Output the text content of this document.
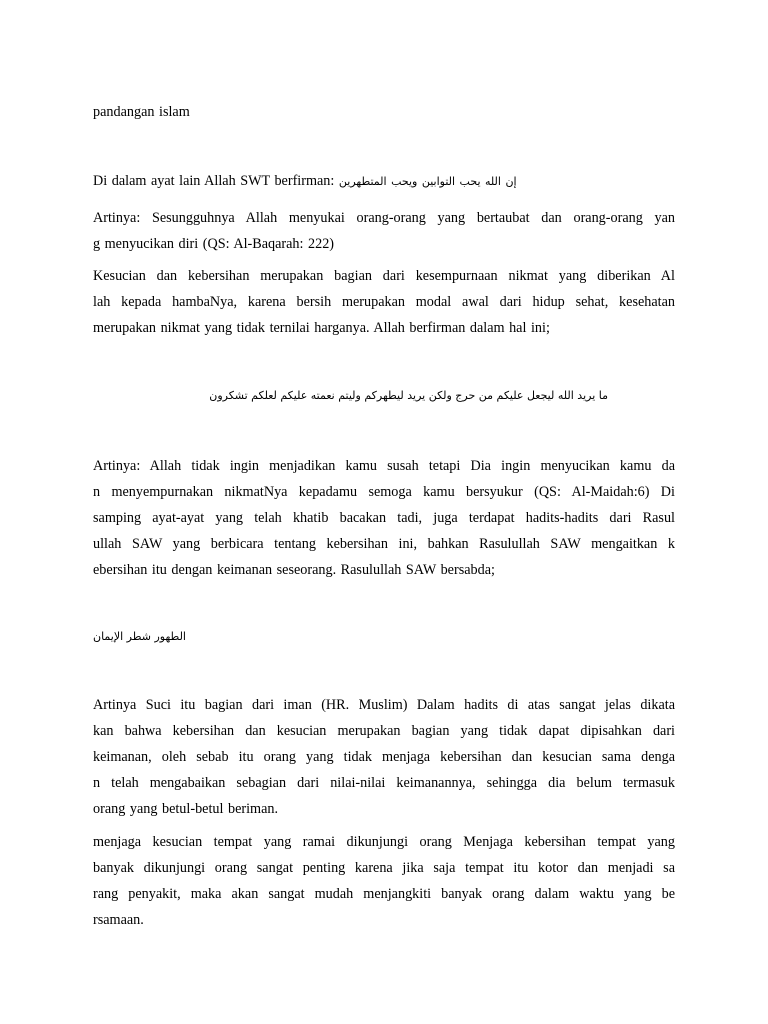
pandangan islam
Di dalam ayat lain Allah SWT berfirman: إن الله يحب التوابين ويحب المتطهرين
Artinya: Sesungguhnya Allah menyukai orang-orang yang bertaubat dan orang-orang yan
g menyucikan diri (QS: Al-Baqarah: 222)
Kesucian dan kebersihan merupakan bagian dari kesempurnaan nikmat yang diberikan Al
lah kepada hambaNya, karena bersih merupakan modal awal dari hidup sehat, kesehatan
merupakan nikmat yang tidak ternilai harganya. Allah berfirman dalam hal ini;
ما يريد الله ليجعل عليكم من حرج ولكن يريد ليطهركم وليتم نعمته عليكم لعلكم تشكرون
Artinya: Allah tidak ingin menjadikan kamu susah tetapi Dia ingin menyucikan kamu da
n menyempurnakan nikmatNya kepadamu semoga kamu bersyukur (QS: Al-Maidah:6) Di
samping ayat-ayat yang telah khatib bacakan tadi, juga terdapat hadits-hadits dari Rasul
ullah SAW yang berbicara tentang kebersihan ini, bahkan Rasulullah SAW mengaitkan k
ebersihan itu dengan keimanan seseorang. Rasulullah SAW bersabda;
الطهور شطر الإيمان
Artinya Suci itu bagian dari iman (HR. Muslim) Dalam hadits di atas sangat jelas dikata
kan bahwa kebersihan dan kesucian merupakan bagian yang tidak dapat dipisahkan dari
keimanan, oleh sebab itu orang yang tidak menjaga kebersihan dan kesucian sama denga
n telah mengabaikan sebagian dari nilai-nilai keimanannya, sehingga dia belum termasuk
orang yang betul-betul beriman.
menjaga kesucian tempat yang ramai dikunjungi orang Menjaga kebersihan tempat yang
banyak dikunjungi orang sangat penting karena jika saja tempat itu kotor dan menjadi sa
rang penyakit, maka akan sangat mudah menjangkiti banyak orang dalam waktu yang be
rsamaan.
